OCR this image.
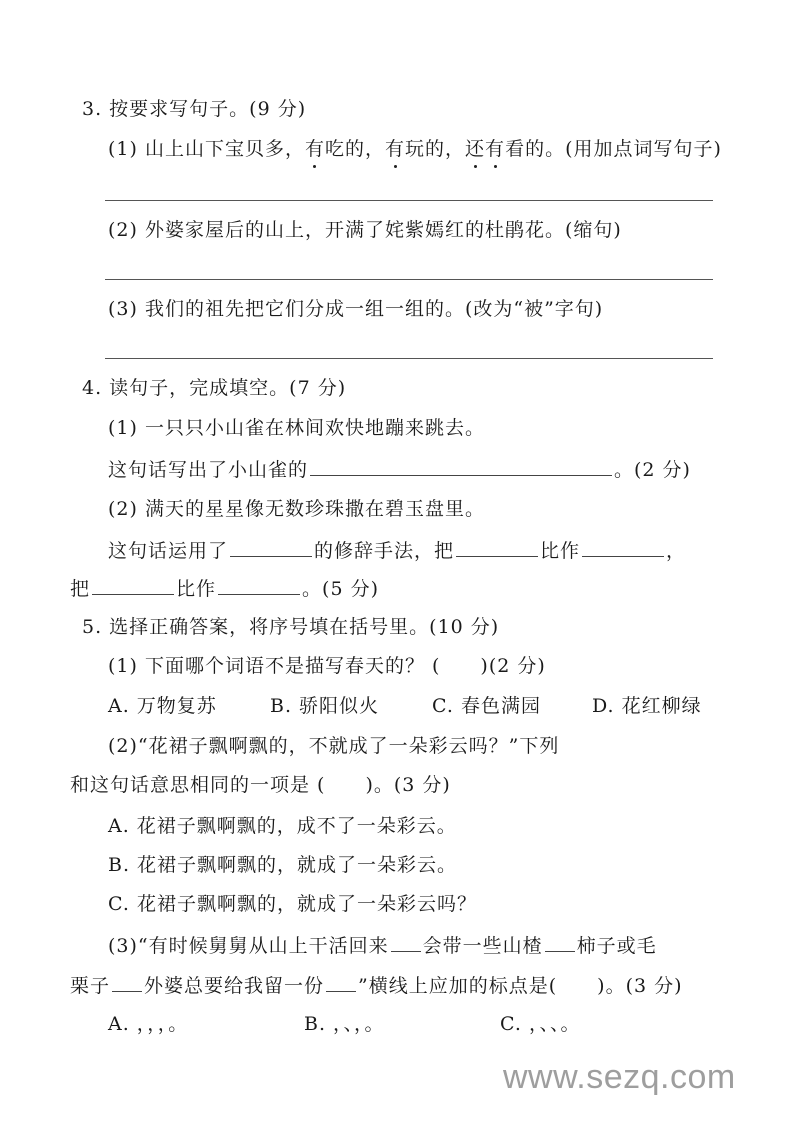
3. 按要求写句子。(9 分)
(1) 山上山下宝贝多，有吃的，有玩的，还有看的。(用加点词写句子)
(2) 外婆家屋后的山上，开满了姹紫嫣红的杜鹃花。(缩句)
(3) 我们的祖先把它们分成一组一组的。(改为“被”字句)
4. 读句子，完成填空。(7 分)
(1) 一只只小山雀在林间欢快地蹦来跳去。
这句话写出了小山雀的	。(2 分)
(2) 满天的星星像无数珍珠撒在碧玉盘里。
这句话运用了	的修辞手法，把	比作	，
把	比作	。(5 分)
5. 选择正确答案，将序号填在括号里。(10 分)
(1) 下面哪个词语不是描写春天的？ (　　)(2 分)
A. 万物复苏	B. 骄阳似火	C. 春色满园	D. 花红柳绿
(2)“花裙子飘啊飘的，不就成了一朵彩云吗？”下列
和这句话意思相同的一项是 (　　)。(3 分)
A. 花裙子飘啊飘的，成不了一朵彩云。
B. 花裙子飘啊飘的，就成了一朵彩云。
C. 花裙子飘啊飘的，就成了一朵彩云吗？
(3)“有时候舅舅从山上干活回来 会带一些山楂 柿子或毛
栗子 外婆总要给我留一份 ”横线上应加的标点是(　　)。(3 分)
A. ，，，。	B. ，、，。	C. ，、、。
www.sezq.com
